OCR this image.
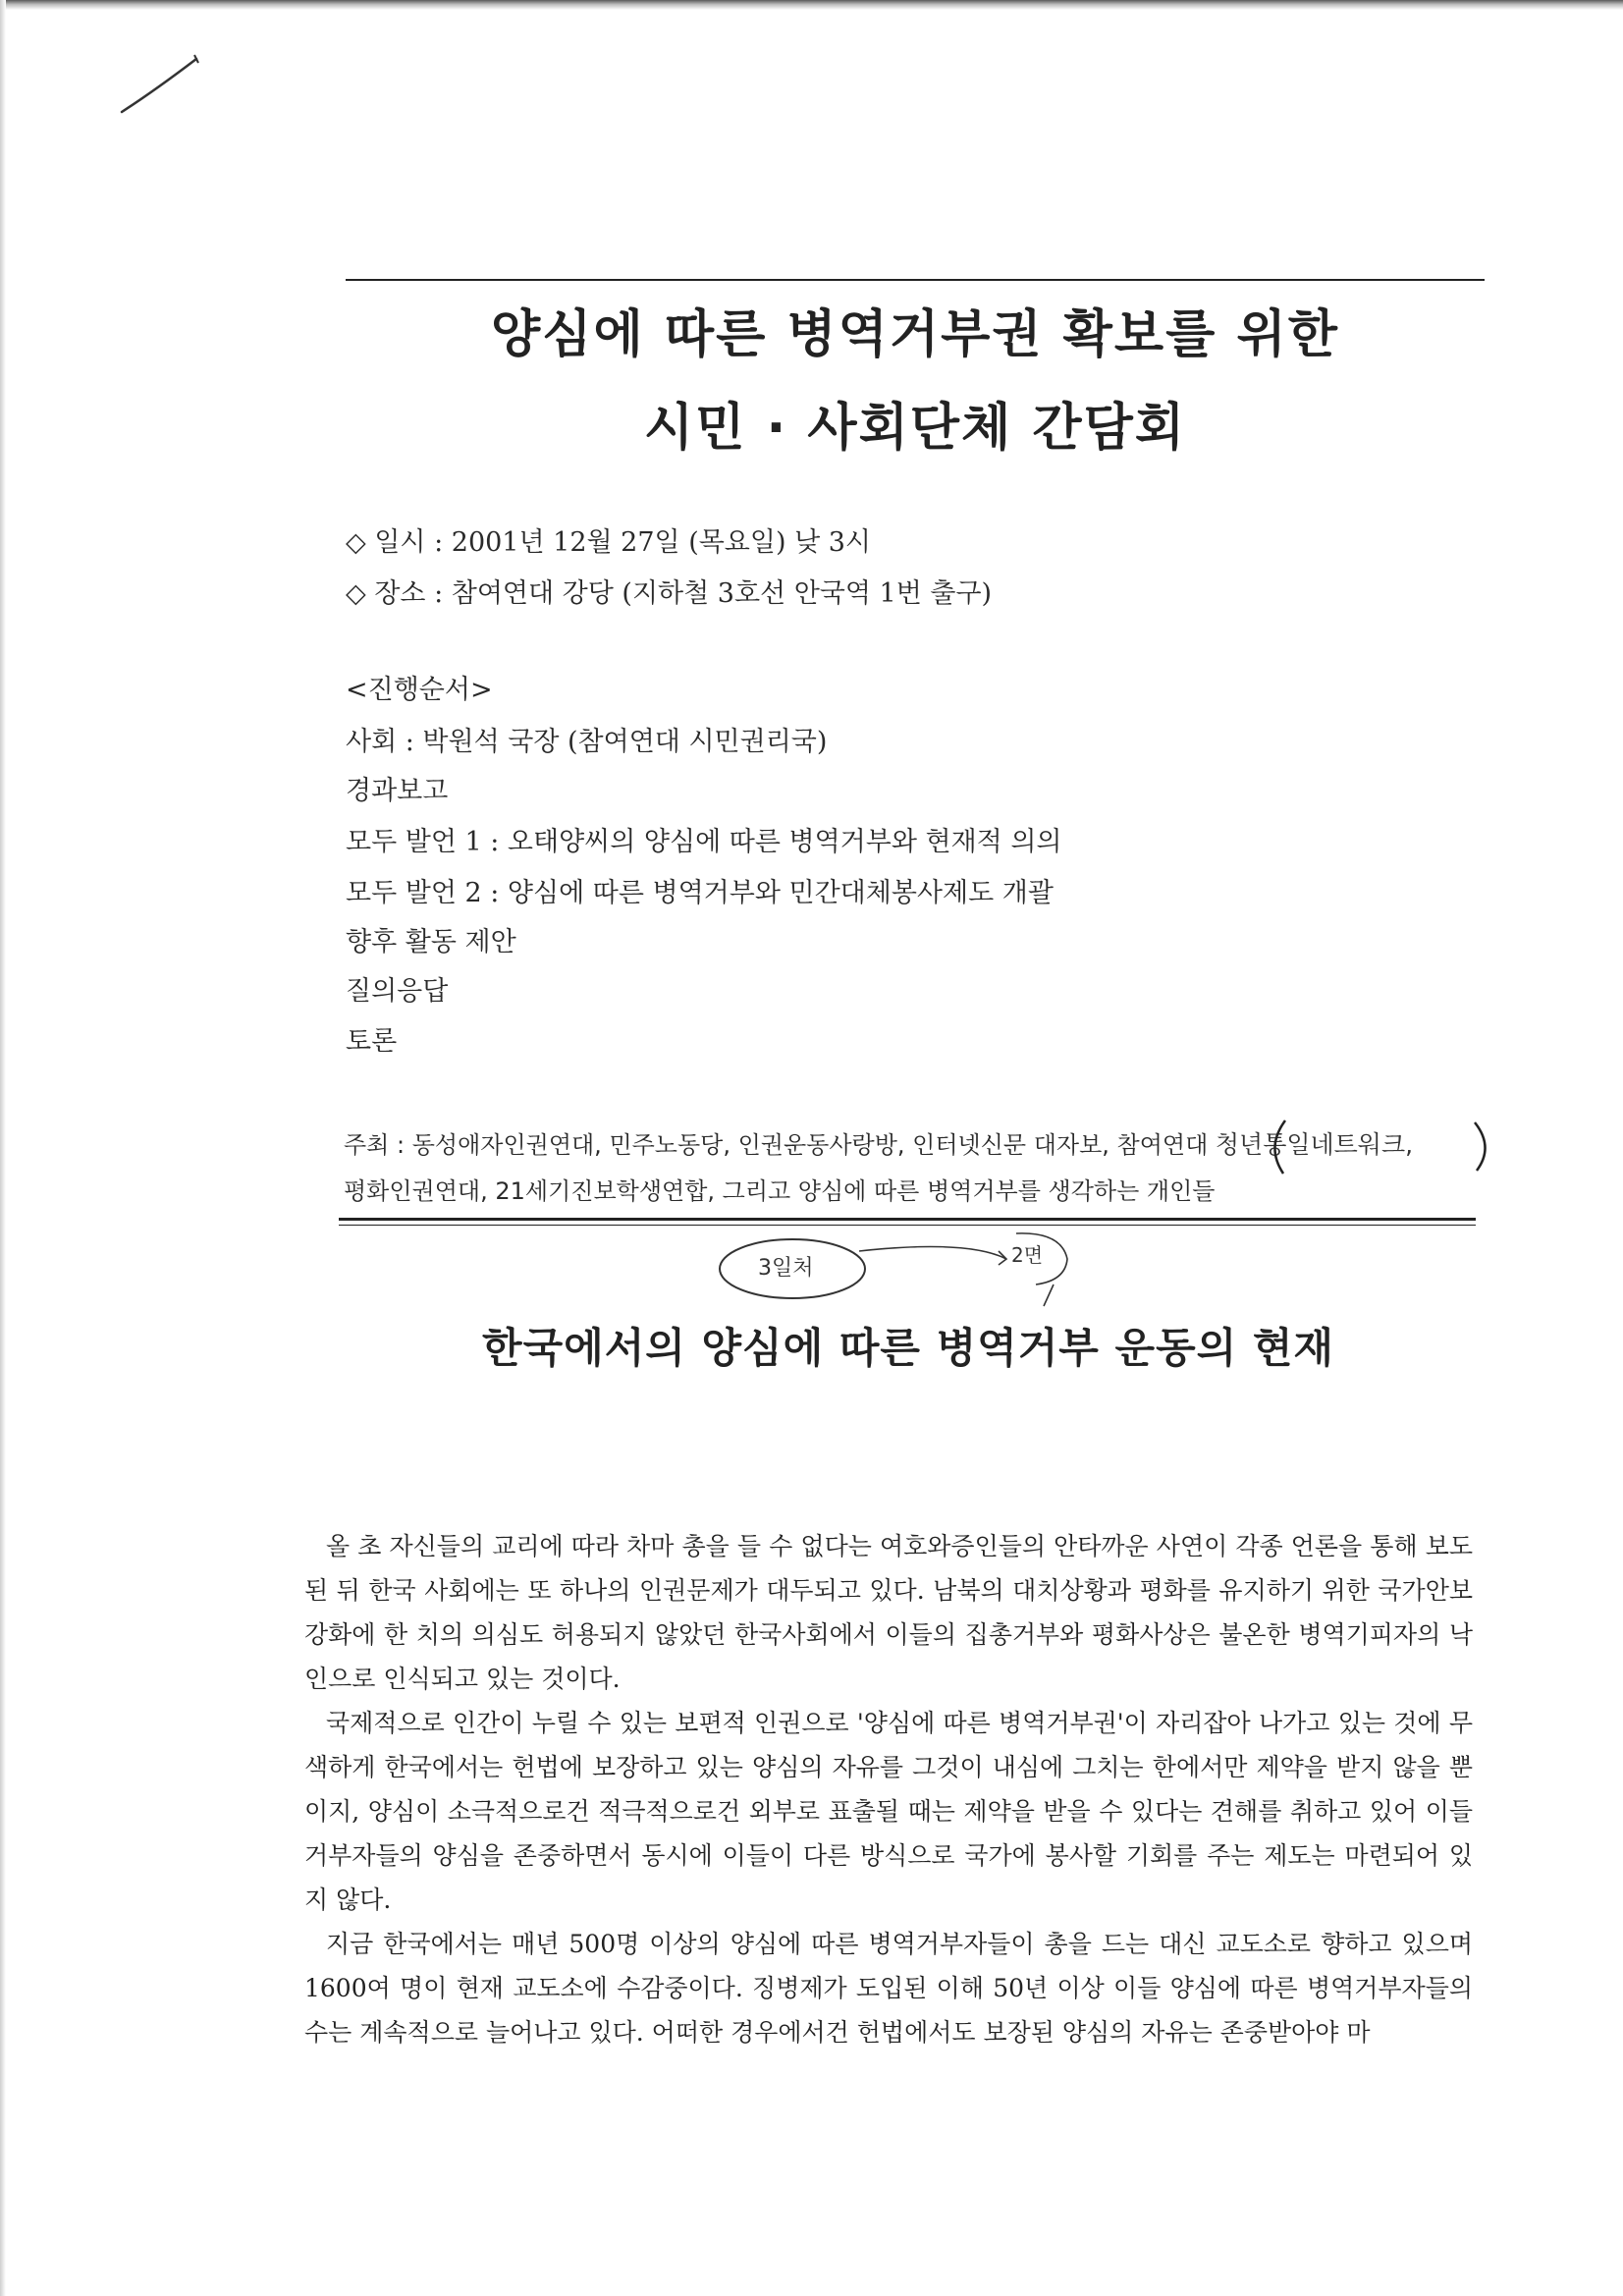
양심에 따른 병역거부권 확보를 위한
시민 · 사회단체 간담회

◇ 일시 : 2001년 12월 27일 (목요일) 낮 3시

◇ 장소 : 참여연대 강당 (지하철 3호선 안국역 1번 출구)

<진행순서>

사회 : 박원석 국장 (참여연대 시민권리국)

경과보고

모두 발언 1 : 오태양씨의 양심에 따른 병역거부와 현재적 의의

모두 발언 2 : 양심에 따른 병역거부와 민간대체봉사제도 개괄

향후 활동 제안

질의응답

토론

주최 : 동성애자인권연대, 민주노동당, 인권운동사랑방, 인터넷신문 대자보, 참여연대 청년통일네트워크,

평화인권연대, 21세기진보학생연합, 그리고 양심에 따른 병역거부를 생각하는 개인들

3일처
2면
한국에서의 양심에 따른 병역거부 운동의 현재

올 초 자신들의 교리에 따라 차마 총을 들 수 없다는 여호와증인들의 안타까운 사연이 각종 언론을 통해 보도된 뒤 한국 사회에는 또 하나의 인권문제가 대두되고 있다. 남북의 대치상황과 평화를 유지하기 위한 국가안보 강화에 한 치의 의심도 허용되지 않았던 한국사회에서 이들의 집총거부와 평화사상은 불온한 병역기피자의 낙인으로 인식되고 있는 것이다.

국제적으로 인간이 누릴 수 있는 보편적 인권으로 '양심에 따른 병역거부권'이 자리잡아 나가고 있는 것에 무색하게 한국에서는 헌법에 보장하고 있는 양심의 자유를 그것이 내심에 그치는 한에서만 제약을 받지 않을 뿐이지, 양심이 소극적으로건 적극적으로건 외부로 표출될 때는 제약을 받을 수 있다는 견해를 취하고 있어 이들 거부자들의 양심을 존중하면서 동시에 이들이 다른 방식으로 국가에 봉사할 기회를 주는 제도는 마련되어 있지 않다.

지금 한국에서는 매년 500명 이상의 양심에 따른 병역거부자들이 총을 드는 대신 교도소로 향하고 있으며 1600여 명이 현재 교도소에 수감중이다. 징병제가 도입된 이해 50년 이상 이들 양심에 따른 병역거부자들의 수는 계속적으로 늘어나고 있다. 어떠한 경우에서건 헌법에서도 보장된 양심의 자유는 존중받아야 마
